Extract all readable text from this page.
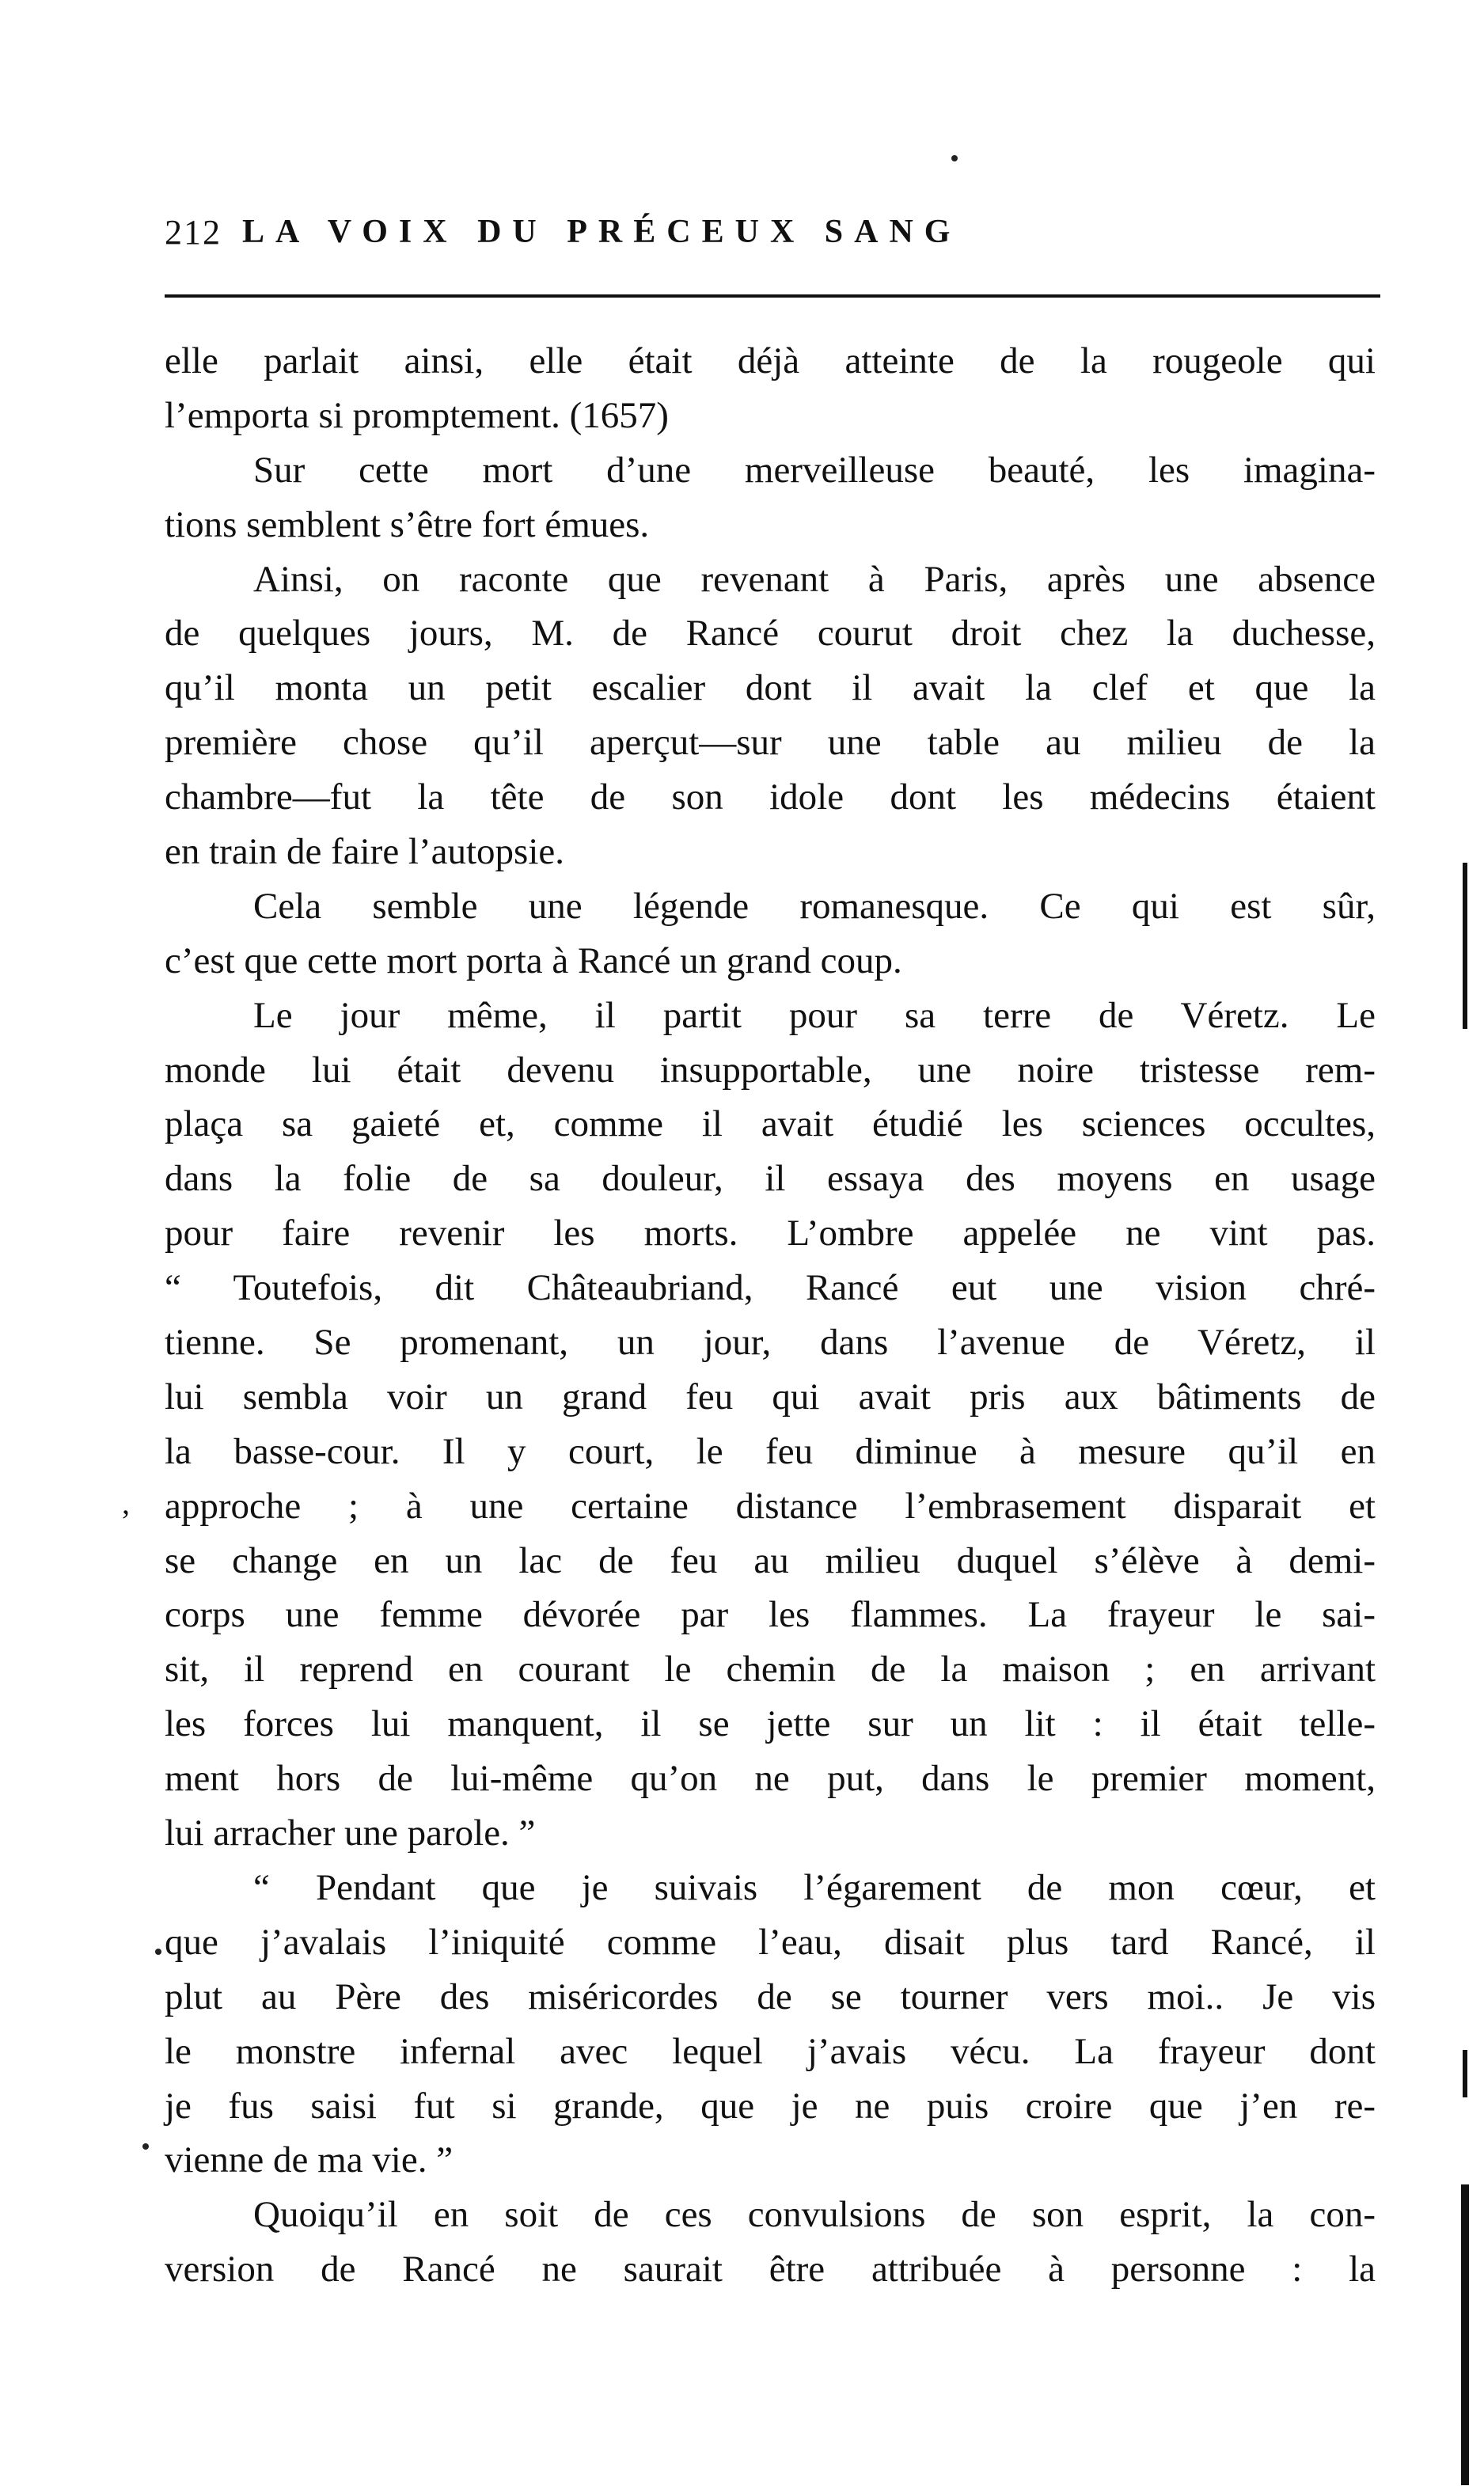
212 LA VOIX DU PRÉCEUX SANG
elle parlait ainsi, elle était déjà atteinte de la rougeole qui
l’emporta si promptement. (1657)
Sur cette mort d’une merveilleuse beauté, les imagina-
tions semblent s’être fort émues.
Ainsi, on raconte que revenant à Paris, après une absence
de quelques jours, M. de Rancé courut droit chez la duchesse,
qu’il monta un petit escalier dont il avait la clef et que la
première chose qu’il aperçut—sur une table au milieu de la
chambre—fut la tête de son idole dont les médecins étaient
en train de faire l’autopsie.
Cela semble une légende romanesque. Ce qui est sûr,
c’est que cette mort porta à Rancé un grand coup.
Le jour même, il partit pour sa terre de Véretz. Le
monde lui était devenu insupportable, une noire tristesse rem-
plaça sa gaieté et, comme il avait étudié les sciences occultes,
dans la folie de sa douleur, il essaya des moyens en usage
pour faire revenir les morts. L’ombre appelée ne vint pas.
“ Toutefois, dit Châteaubriand, Rancé eut une vision chré-
tienne. Se promenant, un jour, dans l’avenue de Véretz, il
lui sembla voir un grand feu qui avait pris aux bâtiments de
la basse-cour. Il y court, le feu diminue à mesure qu’il en
approche ; à une certaine distance l’embrasement disparait et
se change en un lac de feu au milieu duquel s’élève à demi-
corps une femme dévorée par les flammes. La frayeur le sai-
sit, il reprend en courant le chemin de la maison ; en arrivant
les forces lui manquent, il se jette sur un lit : il était telle-
ment hors de lui-même qu’on ne put, dans le premier moment,
lui arracher une parole. ”
“ Pendant que je suivais l’égarement de mon cœur, et
que j’avalais l’iniquité comme l’eau, disait plus tard Rancé, il
plut au Père des miséricordes de se tourner vers moi.. Je vis
le monstre infernal avec lequel j’avais vécu. La frayeur dont
je fus saisi fut si grande, que je ne puis croire que j’en re-
vienne de ma vie. ”
Quoiqu’il en soit de ces convulsions de son esprit, la con-
version de Rancé ne saurait être attribuée à personne : la
’
